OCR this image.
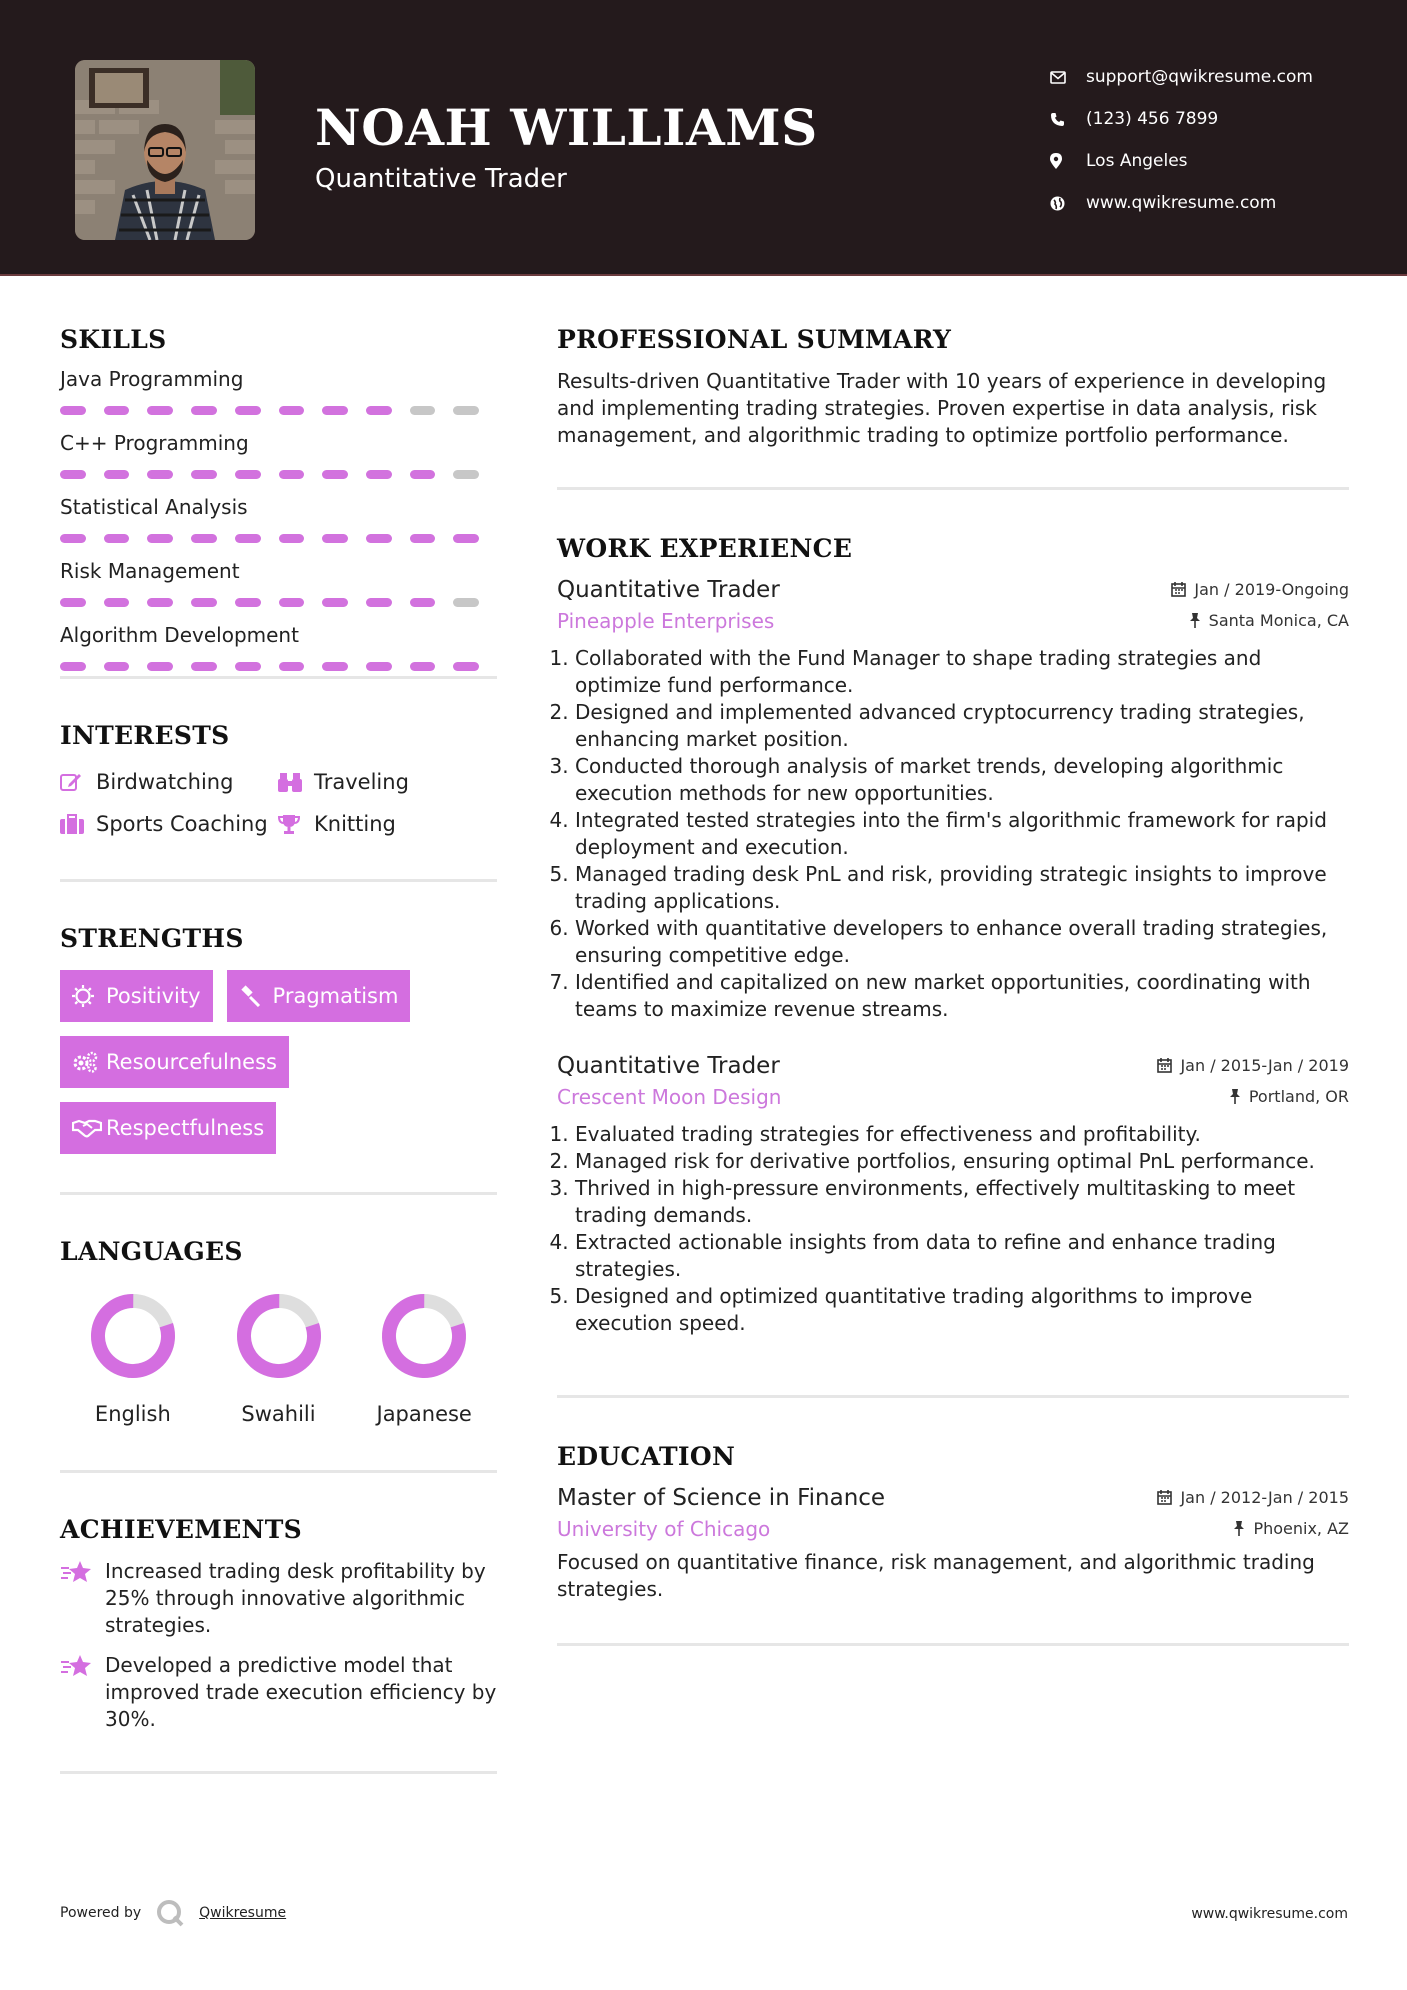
NOAH WILLIAMS
Quantitative Trader
support@qwikresume.com
(123) 456 7899
Los Angeles
www.qwikresume.com
SKILLS
Java Programming
C++ Programming
Statistical Analysis
Risk Management
Algorithm Development
INTERESTS
Birdwatching	Traveling
Sports Coaching Knitting
STRENGTHS
Positivity	Pragmatism
Resourcefulness
Respectfulness
LANGUAGES
English	Swahili	Japanese
ACHIEVEMENTS
Increased trading desk profitability by 25% through innovative algorithmic strategies.
Developed a predictive model that improved trade execution efficiency by 30%.
PROFESSIONAL SUMMARY
Results-driven Quantitative Trader with 10 years of experience in developing and implementing trading strategies. Proven expertise in data analysis, risk management, and algorithmic trading to optimize portfolio performance.
WORK EXPERIENCE
Quantitative Trader	Jan / 2019-Ongoing
Pineapple Enterprises	Santa Monica, CA
1. Collaborated with the Fund Manager to shape trading strategies and optimize fund performance.
2. Designed and implemented advanced cryptocurrency trading strategies, enhancing market position.
3. Conducted thorough analysis of market trends, developing algorithmic execution methods for new opportunities.
4. Integrated tested strategies into the firm's algorithmic framework for rapid deployment and execution.
5. Managed trading desk PnL and risk, providing strategic insights to improve trading applications.
6. Worked with quantitative developers to enhance overall trading strategies, ensuring competitive edge.
7. Identified and capitalized on new market opportunities, coordinating with teams to maximize revenue streams.
Quantitative Trader	Jan / 2015-Jan / 2019
Crescent Moon Design	Portland, OR
1. Evaluated trading strategies for effectiveness and profitability.
2. Managed risk for derivative portfolios, ensuring optimal PnL performance.
3. Thrived in high-pressure environments, effectively multitasking to meet trading demands.
4. Extracted actionable insights from data to refine and enhance trading strategies.
5. Designed and optimized quantitative trading algorithms to improve execution speed.
EDUCATION
Master of Science in Finance	Jan / 2012-Jan / 2015
University of Chicago	Phoenix, AZ
Focused on quantitative finance, risk management, and algorithmic trading strategies.
Powered by	Qwikresume	www.qwikresume.com
